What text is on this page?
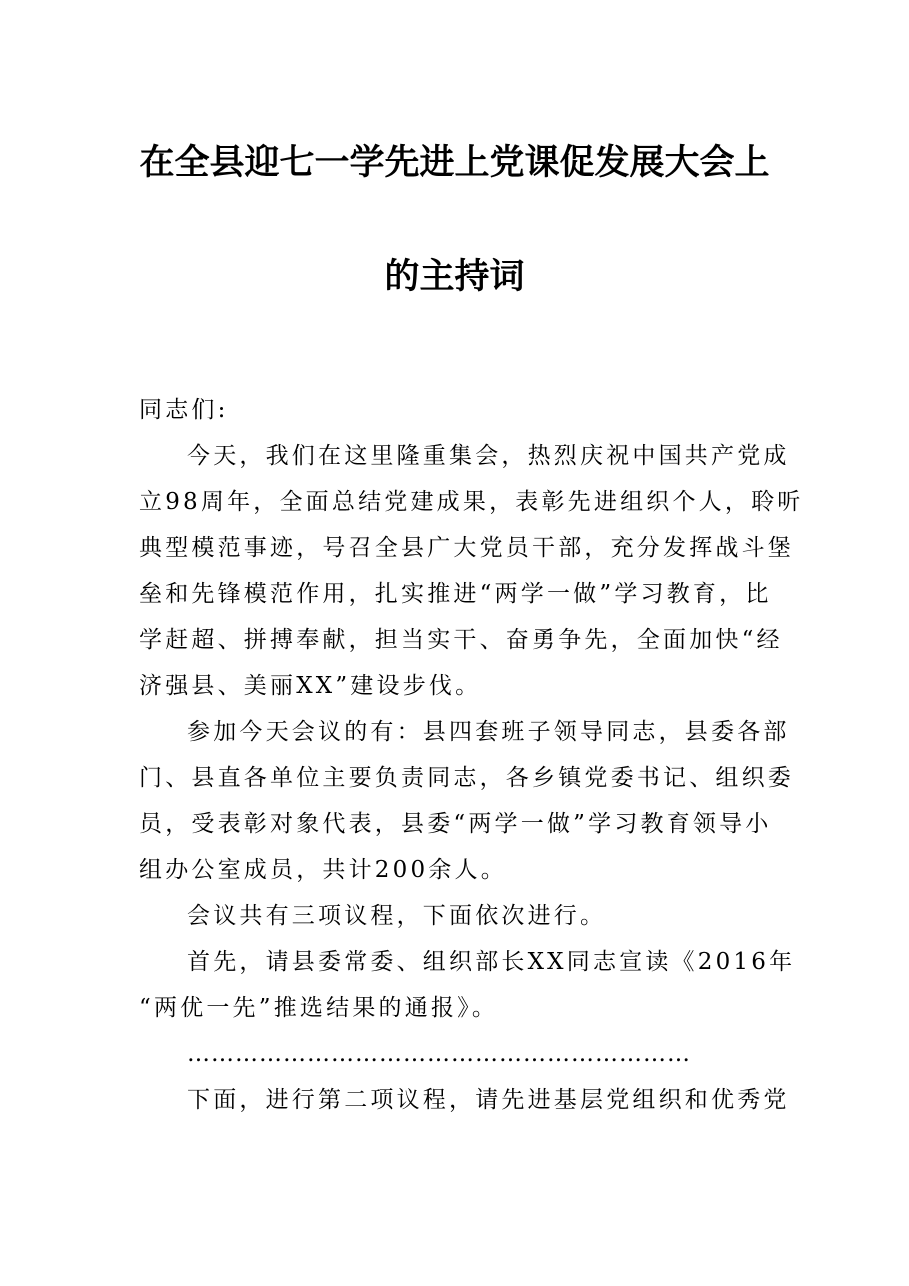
在全县迎七一学先进上党课促发展大会上
的主持词

同志们:

今天，我们在这里隆重集会，热烈庆祝中国共产党成

立98周年，全面总结党建成果，表彰先进组织个人，聆听

典型模范事迹，号召全县广大党员干部，充分发挥战斗堡

垒和先锋模范作用，扎实推进“两学一做”学习教育，比

学赶超、拼搏奉献，担当实干、奋勇争先，全面加快“经

济强县、美丽XX”建设步伐。

参加今天会议的有：县四套班子领导同志，县委各部

门、县直各单位主要负责同志，各乡镇党委书记、组织委

员，受表彰对象代表，县委“两学一做”学习教育领导小

组办公室成员，共计200余人。

会议共有三项议程，下面依次进行。

首先，请县委常委、组织部长XX同志宣读《2016年

“两优一先”推选结果的通报》。

………………………………………………………

下面，进行第二项议程，请先进基层党组织和优秀党
